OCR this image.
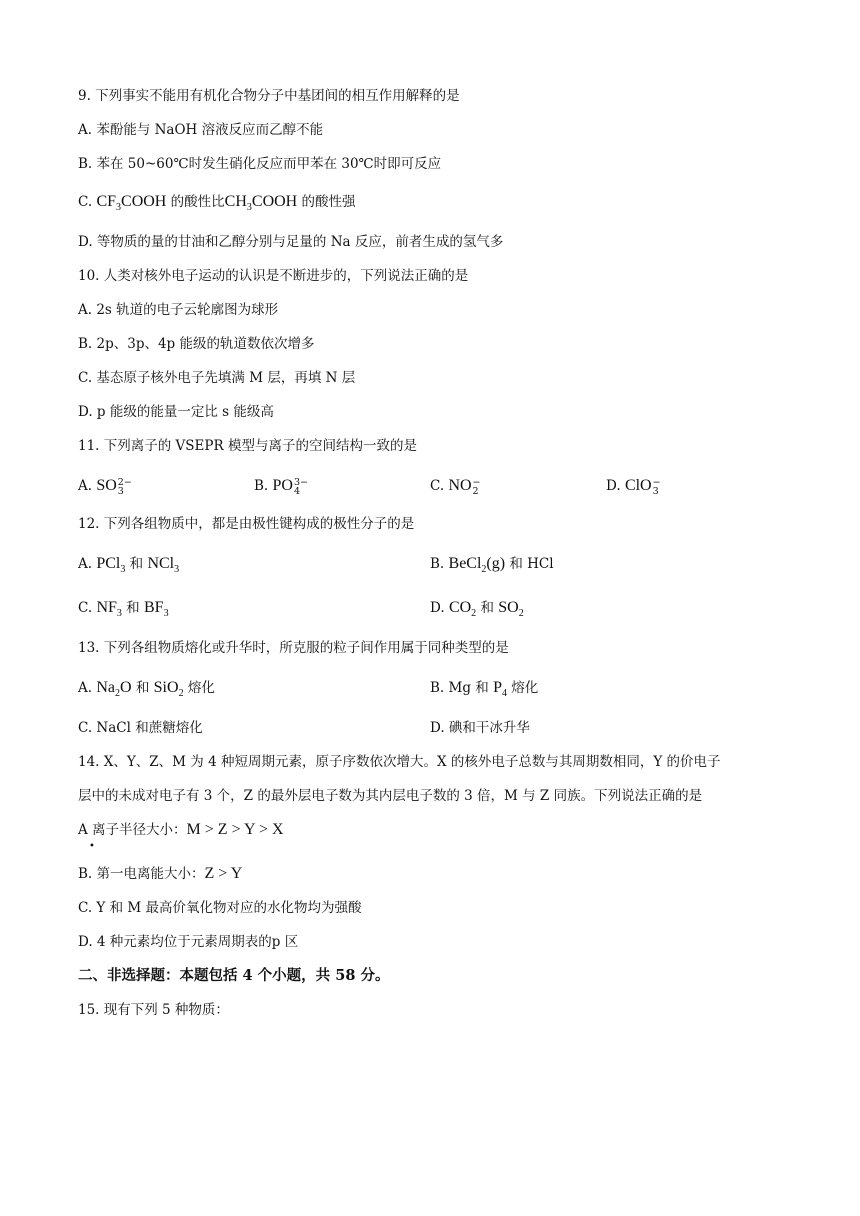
9. 下列事实不能用有机化合物分子中基团间的相互作用解释的是
A. 苯酚能与 NaOH 溶液反应而乙醇不能
B. 苯在 50~60℃时发生硝化反应而甲苯在 30℃时即可反应
C. $CF_3COOH$ 的酸性比$CH_3COOH$ 的酸性强
D. 等物质的量的甘油和乙醇分别与足量的 Na 反应，前者生成的氢气多
10. 人类对核外电子运动的认识是不断进步的，下列说法正确的是
A. 2s 轨道的电子云轮廓图为球形
B. 2p、3p、4p 能级的轨道数依次增多
C. 基态原子核外电子先填满 M 层，再填 N 层
D. p 能级的能量一定比 s 能级高
11. 下列离子的 VSEPR 模型与离子的空间结构一致的是
A. SO 2−
3	B. PO 3−
4	C. NO −
2	D. ClO −
3
12. 下列各组物质中，都是由极性键构成的极性分子的是
A. PCl$_3$ 和 NCl$_3$	B. BeCl$_2$(g) 和 HCl
C. $NF_3$ 和 $BF_3$	D. $CO_2$ 和 $SO_2$
13. 下列各组物质熔化或升华时，所克服的粒子间作用属于同种类型的是
A. $Na_2O$ 和 SiO$_2$ 熔化	B. Mg 和 $P_4$ 熔化
C. NaCl 和蔗糖熔化	D. 碘和干冰升华
14. X、Y、Z、M 为 4 种短周期元素，原子序数依次增大。X 的核外电子总数与其周期数相同，Y 的价电子
层中的未成对电子有 3 个，Z 的最外层电子数为其内层电子数的 3 倍，M 与 Z 同族。下列说法正确的是
A 离子半径大小：M > Z > Y > X
•
B. 第一电离能大小：Z > Y
C. Y 和 M 最高价氧化物对应的水化物均为强酸
D. 4 种元素均位于元素周期表的p 区
二、非选择题：本题包括 4 个小题，共 58 分。
15. 现有下列 5 种物质：
